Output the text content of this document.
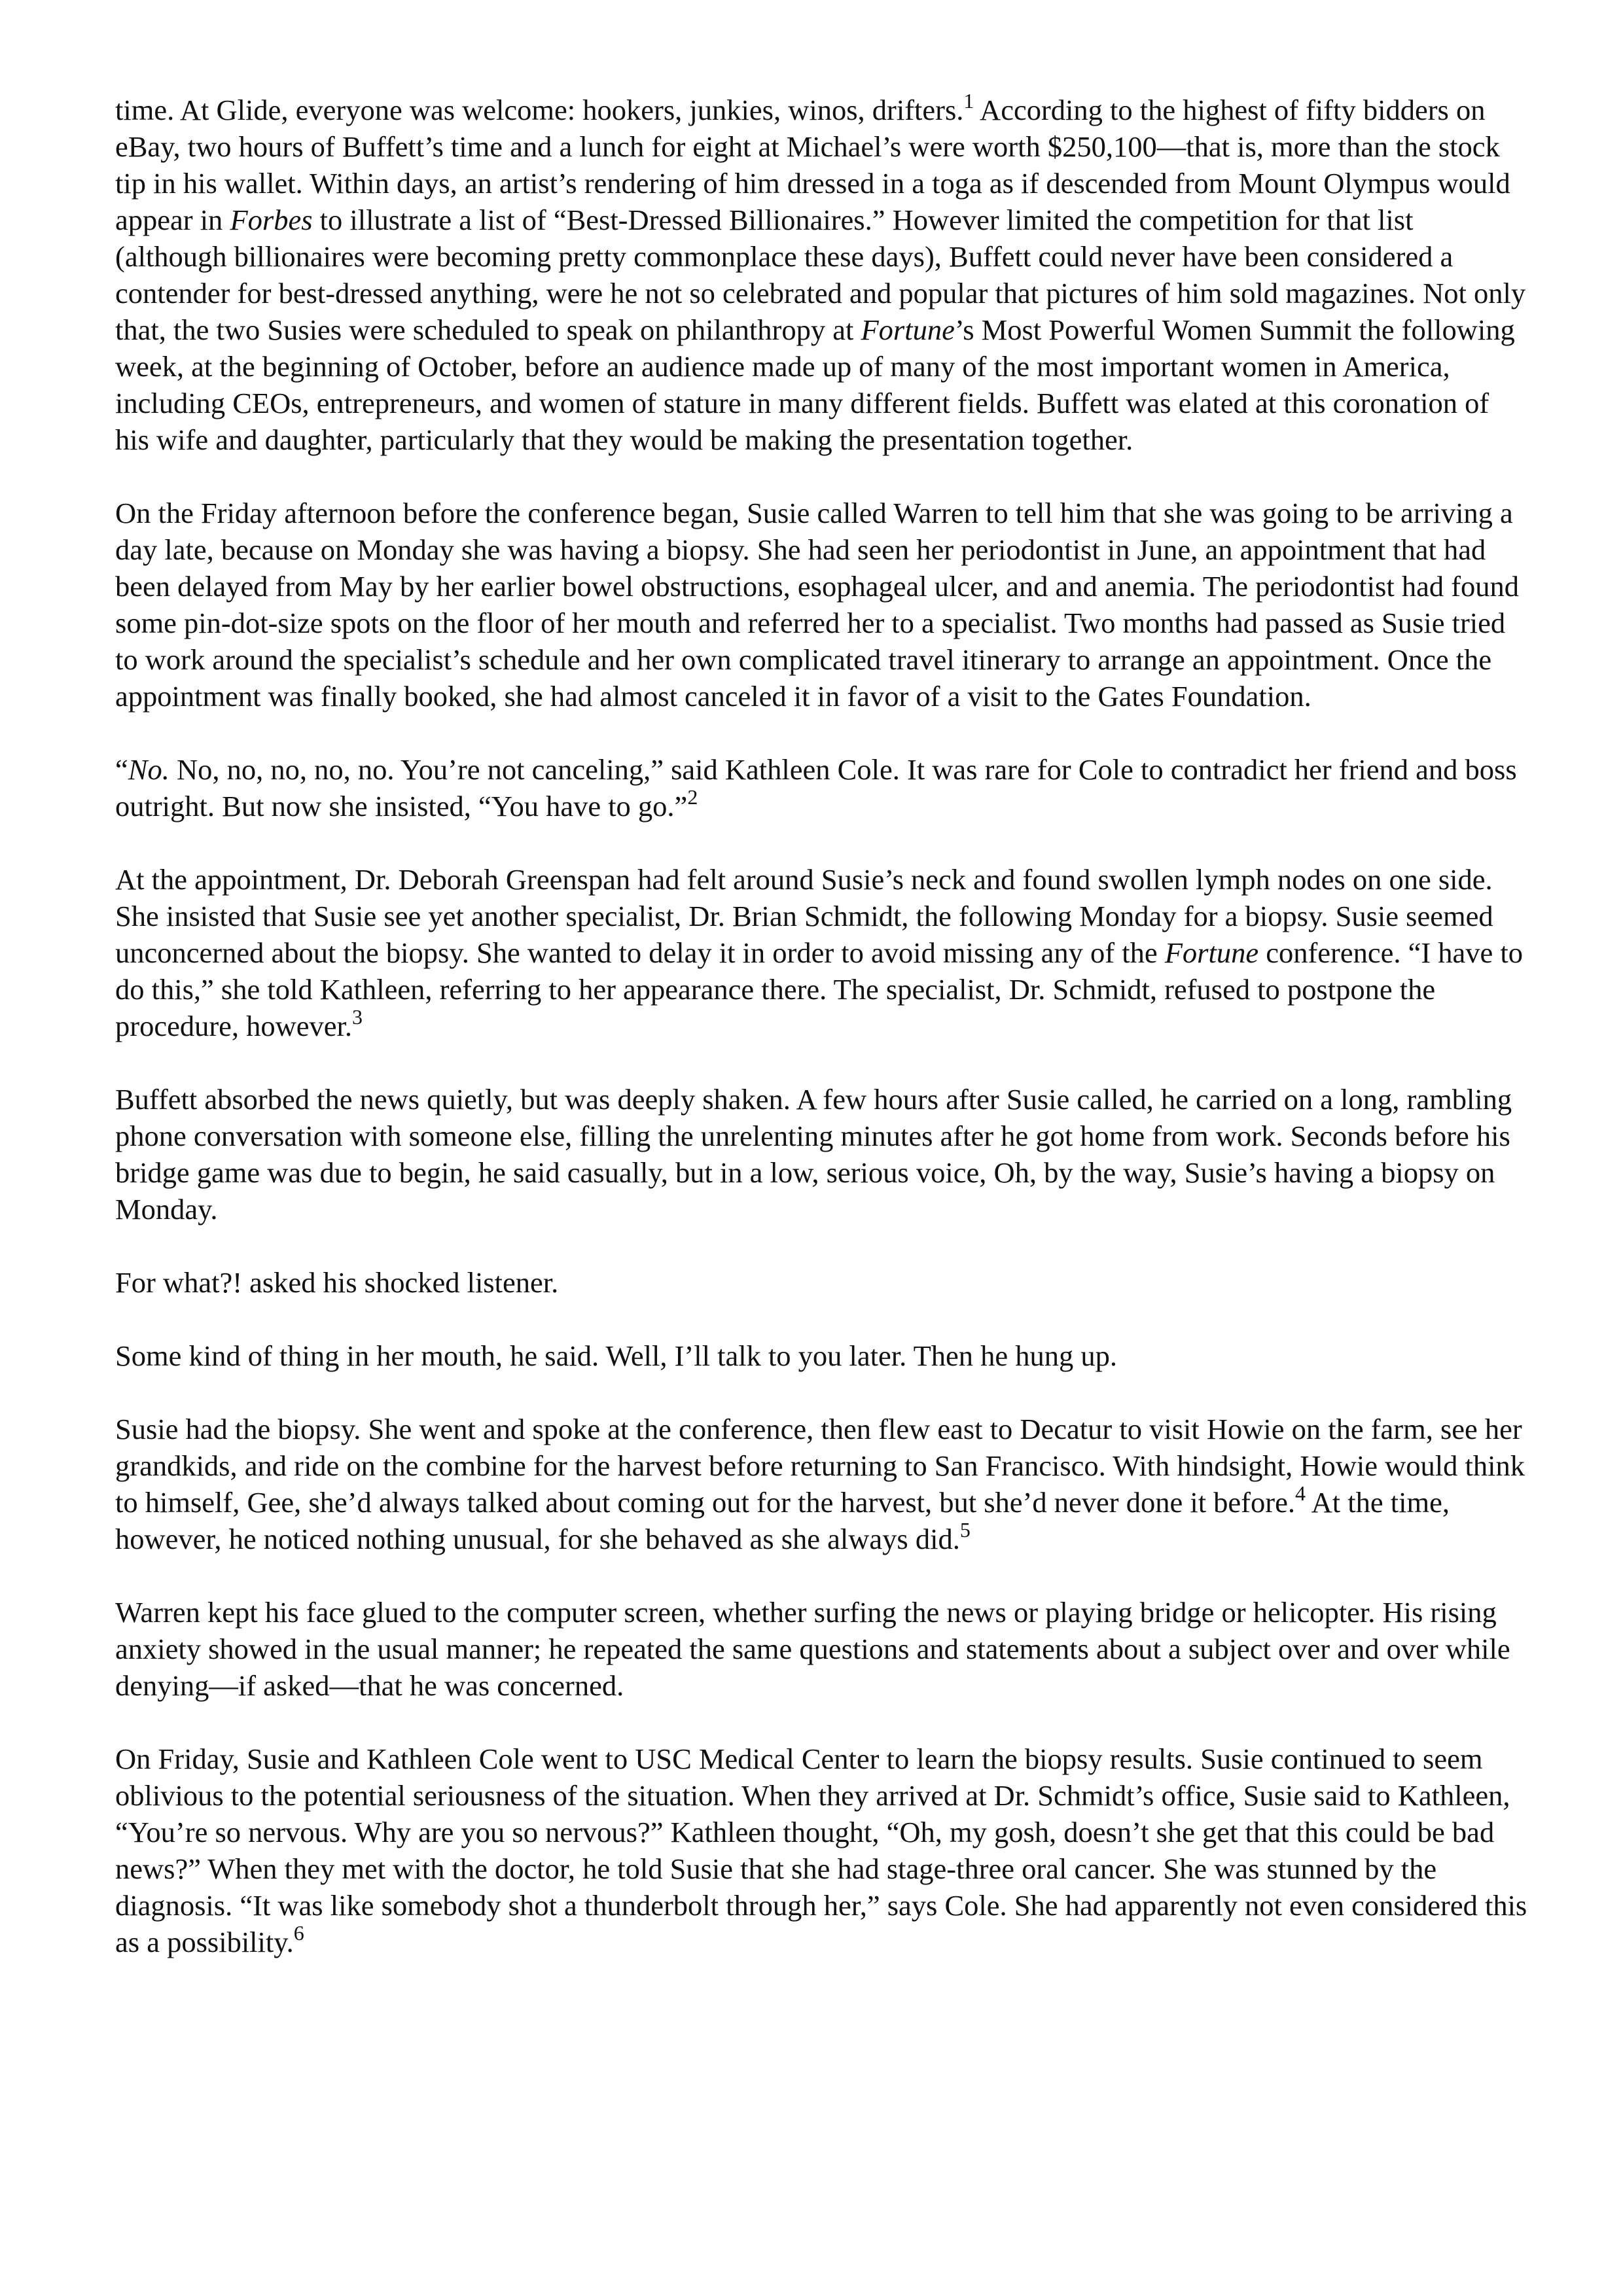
time. At Glide, everyone was welcome: hookers, junkies, winos, drifters.$^1$ According to the highest of fifty bidders on eBay, two hours of Buffett’s time and a lunch for eight at Michael’s were worth $250,100—that is, more than the stock tip in his wallet. Within days, an artist’s rendering of him dressed in a toga as if descended from Mount Olympus would appear in Forbes to illustrate a list of “Best-Dressed Billionaires.” However limited the competition for that list (although billionaires were becoming pretty commonplace these days), Buffett could never have been considered a contender for best-dressed anything, were he not so celebrated and popular that pictures of him sold magazines. Not only that, the two Susies were scheduled to speak on philanthropy at Fortune’s Most Powerful Women Summit the following week, at the beginning of October, before an audience made up of many of the most important women in America, including CEOs, entrepreneurs, and women of stature in many different fields. Buffett was elated at this coronation of his wife and daughter, particularly that they would be making the presentation together.

On the Friday afternoon before the conference began, Susie called Warren to tell him that she was going to be arriving a day late, because on Monday she was having a biopsy. She had seen her periodontist in June, an appointment that had been delayed from May by her earlier bowel obstructions, esophageal ulcer, and and anemia. The periodontist had found some pin-dot-size spots on the floor of her mouth and referred her to a specialist. Two months had passed as Susie tried to work around the specialist’s schedule and her own complicated travel itinerary to arrange an appointment. Once the appointment was finally booked, she had almost canceled it in favor of a visit to the Gates Foundation.

“No. No, no, no, no, no. You’re not canceling,” said Kathleen Cole. It was rare for Cole to contradict her friend and boss outright. But now she insisted, “You have to go.”$^2$

At the appointment, Dr. Deborah Greenspan had felt around Susie’s neck and found swollen lymph nodes on one side. She insisted that Susie see yet another specialist, Dr. Brian Schmidt, the following Monday for a biopsy. Susie seemed unconcerned about the biopsy. She wanted to delay it in order to avoid missing any of the Fortune conference. “I have to do this,” she told Kathleen, referring to her appearance there. The specialist, Dr. Schmidt, refused to postpone the procedure, however.$^3$

Buffett absorbed the news quietly, but was deeply shaken. A few hours after Susie called, he carried on a long, rambling phone conversation with someone else, filling the unrelenting minutes after he got home from work. Seconds before his bridge game was due to begin, he said casually, but in a low, serious voice, Oh, by the way, Susie’s having a biopsy on Monday.

For what?! asked his shocked listener.

Some kind of thing in her mouth, he said. Well, I’ll talk to you later. Then he hung up.

Susie had the biopsy. She went and spoke at the conference, then flew east to Decatur to visit Howie on the farm, see her grandkids, and ride on the combine for the harvest before returning to San Francisco. With hindsight, Howie would think to himself, Gee, she’d always talked about coming out for the harvest, but she’d never done it before.$^4$ At the time, however, he noticed nothing unusual, for she behaved as she always did.$^5$

Warren kept his face glued to the computer screen, whether surfing the news or playing bridge or helicopter. His rising anxiety showed in the usual manner; he repeated the same questions and statements about a subject over and over while denying—if asked—that he was concerned.

On Friday, Susie and Kathleen Cole went to USC Medical Center to learn the biopsy results. Susie continued to seem oblivious to the potential seriousness of the situation. When they arrived at Dr. Schmidt’s office, Susie said to Kathleen, “You’re so nervous. Why are you so nervous?” Kathleen thought, “Oh, my gosh, doesn’t she get that this could be bad news?” When they met with the doctor, he told Susie that she had stage-three oral cancer. She was stunned by the diagnosis. “It was like somebody shot a thunderbolt through her,” says Cole. She had apparently not even considered this as a possibility.$^6$
